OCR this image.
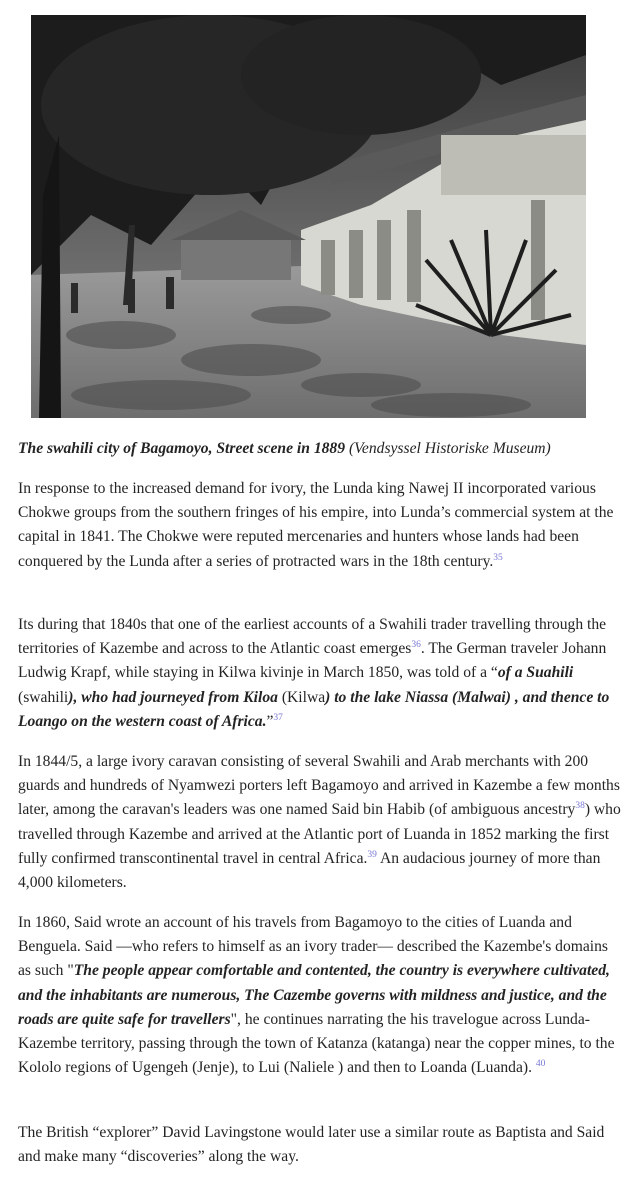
The swahili city of Bagamoyo, Street scene in 1889 (Vendsyssel Historiske Museum)

In response to the increased demand for ivory, the Lunda king Nawej II incorporated various Chokwe groups from the southern fringes of his empire, into Lunda’s commercial system at the capital in 1841. The Chokwe were reputed mercenaries and hunters whose lands had been conquered by the Lunda after a series of protracted wars in the 18th century.$^{35}$

Its during that 1840s that one of the earliest accounts of a Swahili trader travelling through the territories of Kazembe and across to the Atlantic coast emerges$^{36}$. The German traveler Johann Ludwig Krapf, while staying in Kilwa kivinje in March 1850, was told of a “of a Suahili (swahili), who had journeyed from Kiloa (Kilwa) to the lake Niassa (Malwai) , and thence to Loango on the western coast of Africa.”$^{37}$

In 1844/5, a large ivory caravan consisting of several Swahili and Arab merchants with 200 guards and hundreds of Nyamwezi porters left Bagamoyo and arrived in Kazembe a few months later, among the caravan's leaders was one named Said bin Habib (of ambiguous ancestry$^{38}$) who travelled through Kazembe and arrived at the Atlantic port of Luanda in 1852 marking the first fully confirmed transcontinental travel in central Africa.$^{39}$ An audacious journey of more than 4,000 kilometers.

In 1860, Said wrote an account of his travels from Bagamoyo to the cities of Luanda and Benguela. Said —who refers to himself as an ivory trader— described the Kazembe's domains as such "The people appear comfortable and contented, the country is everywhere cultivated, and the inhabitants are numerous, The Cazembe governs with mildness and justice, and the roads are quite safe for travellers", he continues narrating the his travelogue across Lunda-Kazembe territory, passing through the town of Katanza (katanga) near the copper mines, to the Kololo regions of Ugengeh (Jenje), to Lui (Naliele ) and then to Loanda (Luanda). $^{40}$

The British “explorer” David Lavingstone would later use a similar route as Baptista and Said and make many “discoveries” along the way.
